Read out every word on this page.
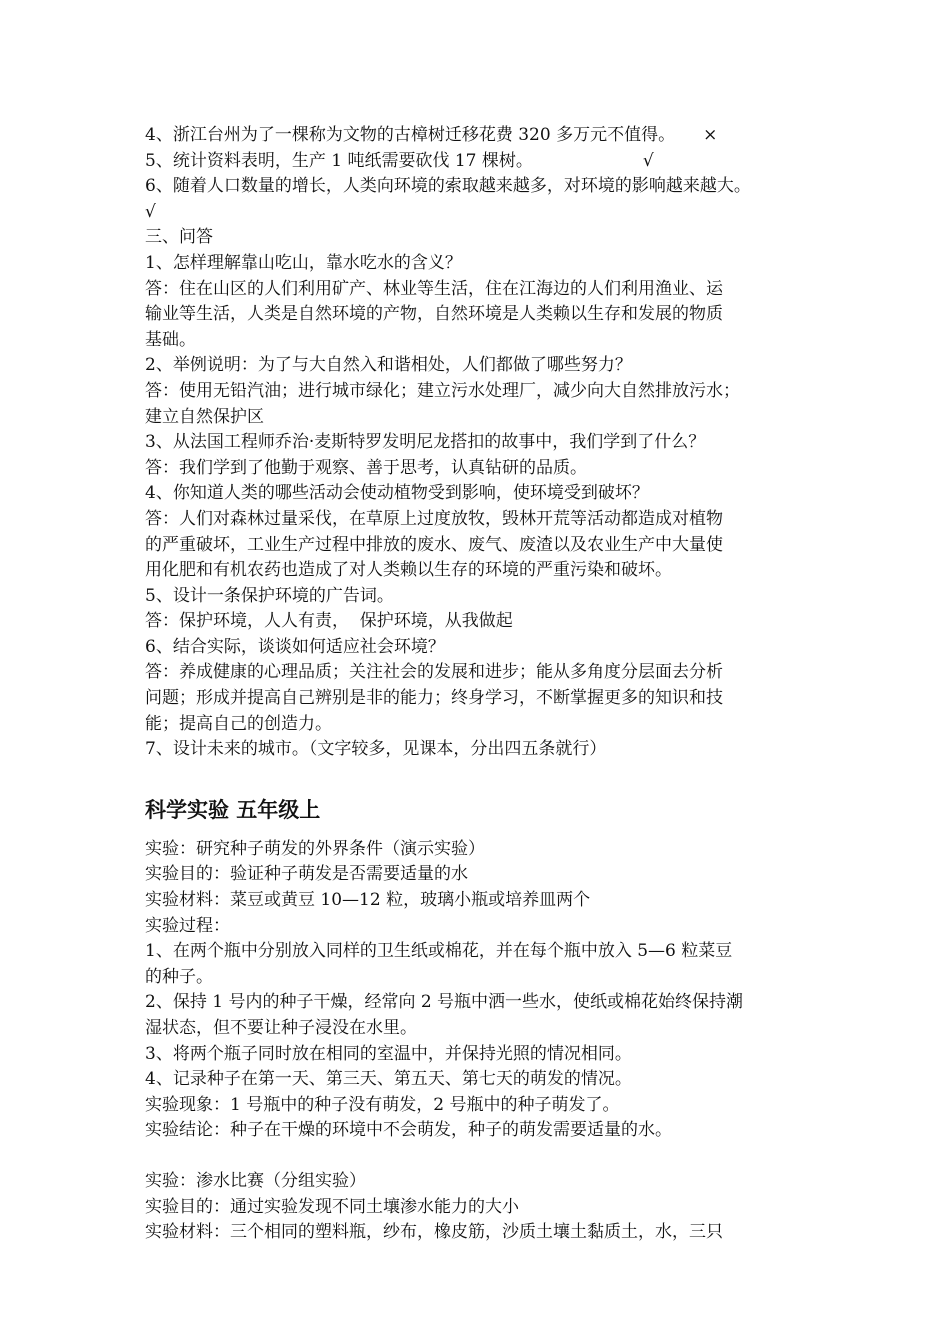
4、浙江台州为了一棵称为文物的古樟树迁移花费 320 多万元不值得。 ×

5、统计资料表明，生产 1 吨纸需要砍伐 17 棵树。	√

6、随着人口数量的增长，人类向环境的索取越来越多，对环境的影响越来越大。

√

三、问答

1、怎样理解靠山吃山，靠水吃水的含义？

答：住在山区的人们利用矿产、林业等生活，住在江海边的人们利用渔业、运

输业等生活，人类是自然环境的产物，自然环境是人类赖以生存和发展的物质

基础。

2、举例说明：为了与大自然入和谐相处，人们都做了哪些努力？

答：使用无铅汽油；进行城市绿化；建立污水处理厂，减少向大自然排放污水；

建立自然保护区

3、从法国工程师乔治·麦斯特罗发明尼龙搭扣的故事中，我们学到了什么？

答：我们学到了他勤于观察、善于思考，认真钻研的品质。

4、你知道人类的哪些活动会使动植物受到影响，使环境受到破坏？

答：人们对森林过量采伐，在草原上过度放牧，毁林开荒等活动都造成对植物

的严重破坏，工业生产过程中排放的废水、废气、废渣以及农业生产中大量使

用化肥和有机农药也造成了对人类赖以生存的环境的严重污染和破坏。

5、设计一条保护环境的广告词。

答：保护环境，人人有责，  保护环境，从我做起

6、结合实际，谈谈如何适应社会环境？

答：养成健康的心理品质；关注社会的发展和进步；能从多角度分层面去分析

问题；形成并提高自己辨别是非的能力；终身学习，不断掌握更多的知识和技

能；提高自己的创造力。

7、设计未来的城市。（文字较多，见课本，分出四五条就行）

科学实验 五年级上

实验：研究种子萌发的外界条件（演示实验）

实验目的：验证种子萌发是否需要适量的水

实验材料：菜豆或黄豆 10—12 粒，玻璃小瓶或培养皿两个

实验过程：

1、在两个瓶中分别放入同样的卫生纸或棉花，并在每个瓶中放入 5—6 粒菜豆

的种子。

2、保持 1 号内的种子干燥，经常向 2 号瓶中洒一些水，使纸或棉花始终保持潮

湿状态，但不要让种子浸没在水里。

3、将两个瓶子同时放在相同的室温中，并保持光照的情况相同。

4、记录种子在第一天、第三天、第五天、第七天的萌发的情况。

实验现象：1 号瓶中的种子没有萌发，2 号瓶中的种子萌发了。

实验结论：种子在干燥的环境中不会萌发，种子的萌发需要适量的水。

实验：渗水比赛（分组实验）

实验目的：通过实验发现不同土壤渗水能力的大小

实验材料：三个相同的塑料瓶，纱布，橡皮筋，沙质土壤土黏质土，水，三只
